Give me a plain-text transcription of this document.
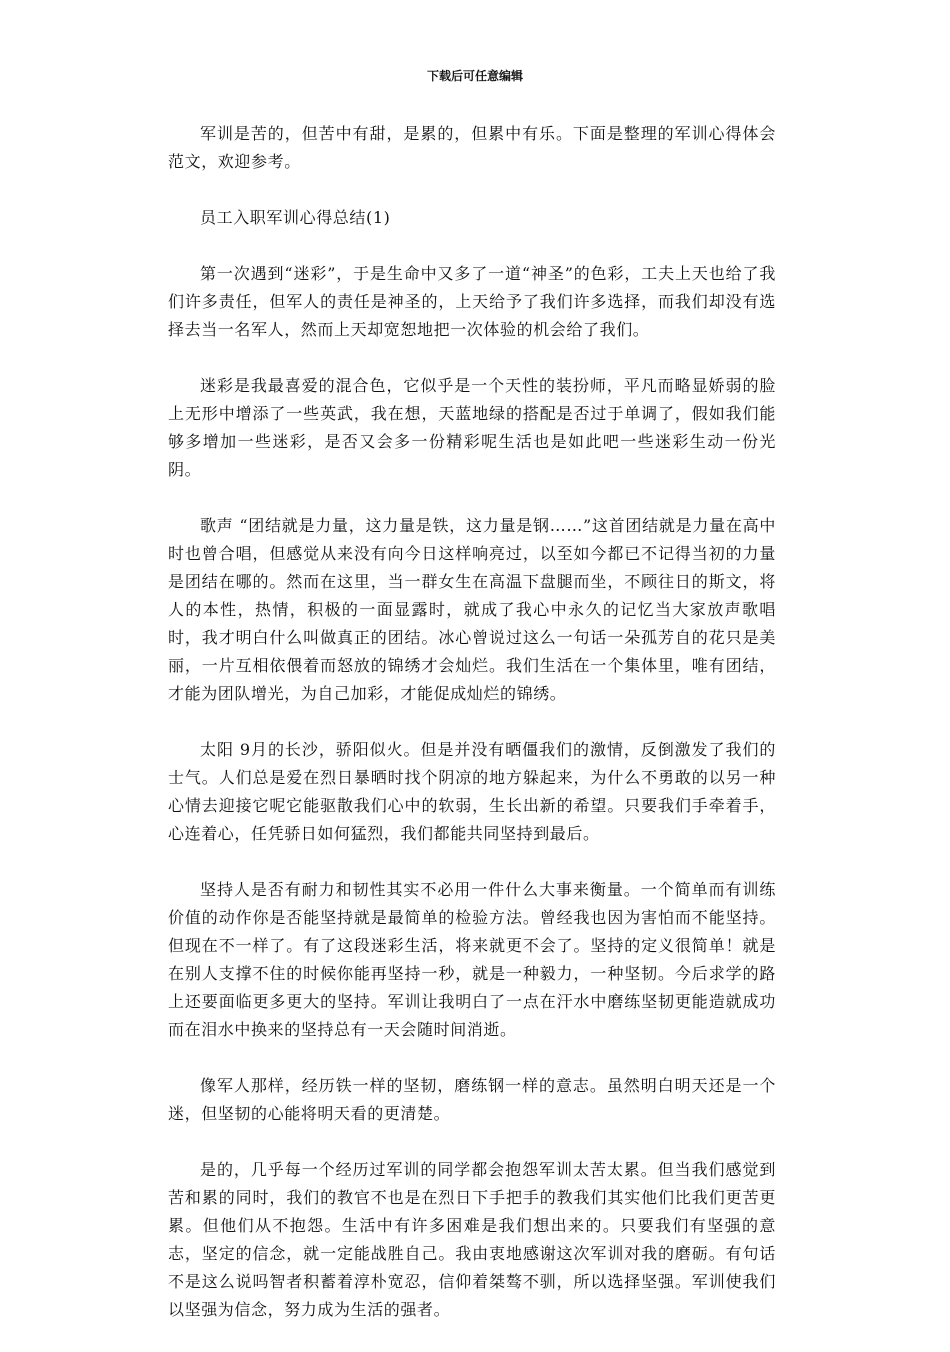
下载后可任意编辑

军训是苦的，但苦中有甜，是累的，但累中有乐。下面是整理的军训心得体会范文，欢迎参考。

员工入职军训心得总结(1)

第一次遇到“迷彩”，于是生命中又多了一道“神圣”的色彩，工夫上天也给了我们许多责任，但军人的责任是神圣的，上天给予了我们许多选择，而我们却没有选择去当一名军人，然而上天却宽恕地把一次体验的机会给了我们。

迷彩是我最喜爱的混合色，它似乎是一个天性的装扮师，平凡而略显娇弱的脸上无形中增添了一些英武，我在想，天蓝地绿的搭配是否过于单调了，假如我们能够多增加一些迷彩，是否又会多一份精彩呢生活也是如此吧一些迷彩生动一份光阴。

歌声 “团结就是力量，这力量是铁，这力量是钢……”这首团结就是力量在高中时也曾合唱，但感觉从来没有向今日这样响亮过，以至如今都已不记得当初的力量是团结在哪的。然而在这里，当一群女生在高温下盘腿而坐，不顾往日的斯文，将人的本性，热情，积极的一面显露时，就成了我心中永久的记忆当大家放声歌唱时，我才明白什么叫做真正的团结。冰心曾说过这么一句话一朵孤芳自的花只是美丽，一片互相依偎着而怒放的锦绣才会灿烂。我们生活在一个集体里，唯有团结，才能为团队增光，为自己加彩，才能促成灿烂的锦绣。

太阳 9月的长沙，骄阳似火。但是并没有晒僵我们的激情，反倒激发了我们的士气。人们总是爱在烈日暴晒时找个阴凉的地方躲起来，为什么不勇敢的以另一种心情去迎接它呢它能驱散我们心中的软弱，生长出新的希望。只要我们手牵着手，心连着心，任凭骄日如何猛烈，我们都能共同坚持到最后。

坚持人是否有耐力和韧性其实不必用一件什么大事来衡量。一个简单而有训练价值的动作你是否能坚持就是最简单的检验方法。曾经我也因为害怕而不能坚持。但现在不一样了。有了这段迷彩生活，将来就更不会了。坚持的定义很简单！就是在别人支撑不住的时候你能再坚持一秒，就是一种毅力，一种坚韧。今后求学的路上还要面临更多更大的坚持。军训让我明白了一点在汗水中磨练坚韧更能造就成功而在泪水中换来的坚持总有一天会随时间消逝。

像军人那样，经历铁一样的坚韧，磨练钢一样的意志。虽然明白明天还是一个迷，但坚韧的心能将明天看的更清楚。

是的，几乎每一个经历过军训的同学都会抱怨军训太苦太累。但当我们感觉到苦和累的同时，我们的教官不也是在烈日下手把手的教我们其实他们比我们更苦更累。但他们从不抱怨。生活中有许多困难是我们想出来的。只要我们有坚强的意志，坚定的信念，就一定能战胜自己。我由衷地感谢这次军训对我的磨砺。有句话不是这么说吗智者积蓄着淳朴宽忍，信仰着桀骜不驯，所以选择坚强。军训使我们以坚强为信念，努力成为生活的强者。
